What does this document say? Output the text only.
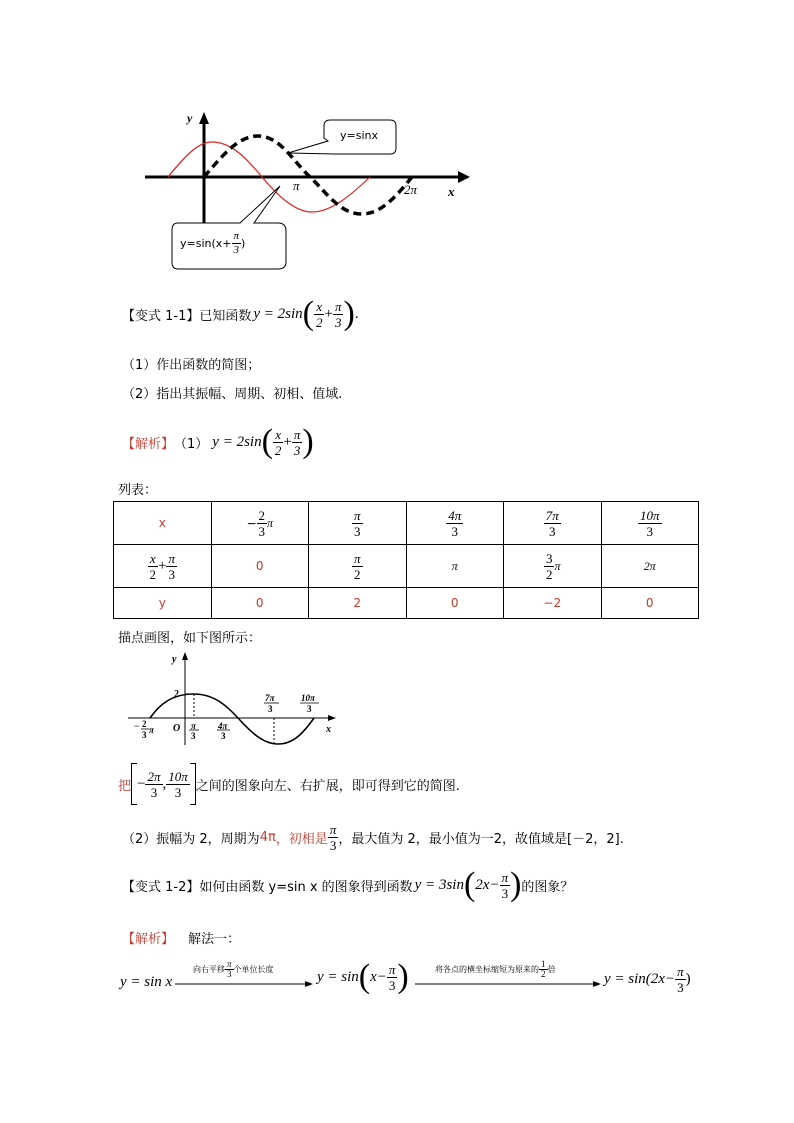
y
x
π	2π
y=sinx
$y=\sin(x+ \frac{\pi}{3}$ )
【变式 1-1】已知函数 y = 2sin ( $\frac{x}{2} + \frac{\pi}{3}$ ) .
（1）作出函数的简图；
（2）指出其振幅、周期、初相、值域.
【解析】 （1） y = 2sin ( $\frac{x}{2} + \frac{\pi}{3}$ )
列表：
x	− $\frac{2}{3}$ π	$\frac{\pi}{3}$	$\frac{4\pi}{3}$	$\frac{7\pi}{3}$	$\frac{10\pi}{3}$

$\frac{x}{2} + \frac{\pi}{3}$	0	$\frac{\pi}{2}$	π	$\frac{3}{2}$ π	2π
y	0	2	0	−2	0
描点画图，如下图所示：
y
x
O
2
− 2
3 π	π
3
4π
3
7π
3
10π
3
把 − $\frac{2\pi}{3}$ , $\frac{10\pi}{3}$ 之间的图象向左、右扩展，即可得到它的简图.
（2）振幅为 2，周期为 4π ，初相是 $\frac{\pi}{3}$ ，最大值为 2，最小值为一2，故值域是[－2，2].
【变式 1-2】如何由函数 y=sin x 的图象得到函数 y = 3sin ( $2x- \frac{\pi}{3}$ ) 的图象？
【解析】 解法一：
y = sin x
向右平移 $\frac{\pi}{3}$ 个单位长度	y = sin ( $x- \frac{\pi}{3}$ )	将各点的横坐标缩短为原来的 $\frac{1}{2}$ 倍
$y = \sin(2x- \frac{\pi}{3}$ )
